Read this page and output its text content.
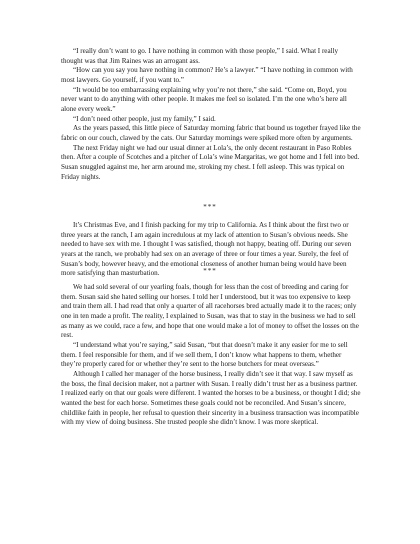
“I really don’t want to go. I have nothing in common with those people,” I said. What I really thought was that Jim Raines was an arrogant ass.

“How can you say you have nothing in common? He’s a lawyer.” “I have nothing in common with most lawyers. Go yourself, if you want to.”

“It would be too embarrassing explaining why you’re not there,” she said. “Come on, Boyd, you never want to do anything with other people. It makes me feel so isolated. I’m the one who’s here all alone every week.”

“I don’t need other people, just my family,” I said.

As the years passed, this little piece of Saturday morning fabric that bound us together frayed like the fabric on our couch, clawed by the cats. Our Saturday mornings were spiked more often by arguments.

The next Friday night we had our usual dinner at Lola’s, the only decent restaurant in Paso Robles then. After a couple of Scotches and a pitcher of Lola’s wine Margaritas, we got home and I fell into bed. Susan snuggled against me, her arm around me, stroking my chest. I fell asleep. This was typical on Friday nights.

***

It’s Christmas Eve, and I finish packing for my trip to California. As I think about the first two or three years at the ranch, I am again incredulous at my lack of attention to Susan’s obvious needs. She needed to have sex with me. I thought I was satisfied, though not happy, beating off. During our seven years at the ranch, we probably had sex on an average of three or four times a year. Surely, the feel of Susan’s body, however heavy, and the emotional closeness of another human being would have been more satisfying than masturbation.	***

We had sold several of our yearling foals, though for less than the cost of breeding and caring for them. Susan said she hated selling our horses. I told her I understood, but it was too expensive to keep and train them all. I had read that only a quarter of all racehorses bred actually made it to the races; only one in ten made a profit. The reality, I explained to Susan, was that to stay in the business we had to sell as many as we could, race a few, and hope that one would make a lot of money to offset the losses on the rest.

“I understand what you’re saying,” said Susan, “but that doesn’t make it any easier for me to sell them. I feel responsible for them, and if we sell them, I don’t know what happens to them, whether they’re properly cared for or whether they’re sent to the horse butchers for meat overseas.”

Although I called her manager of the horse business, I really didn’t see it that way. I saw myself as the boss, the final decision maker, not a partner with Susan. I really didn’t trust her as a business partner. I realized early on that our goals were different. I wanted the horses to be a business, or thought I did; she wanted the best for each horse. Sometimes these goals could not be reconciled. And Susan’s sincere, childlike faith in people, her refusal to question their sincerity in a business transaction was incompatible with my view of doing business. She trusted people she didn’t know. I was more skeptical.
